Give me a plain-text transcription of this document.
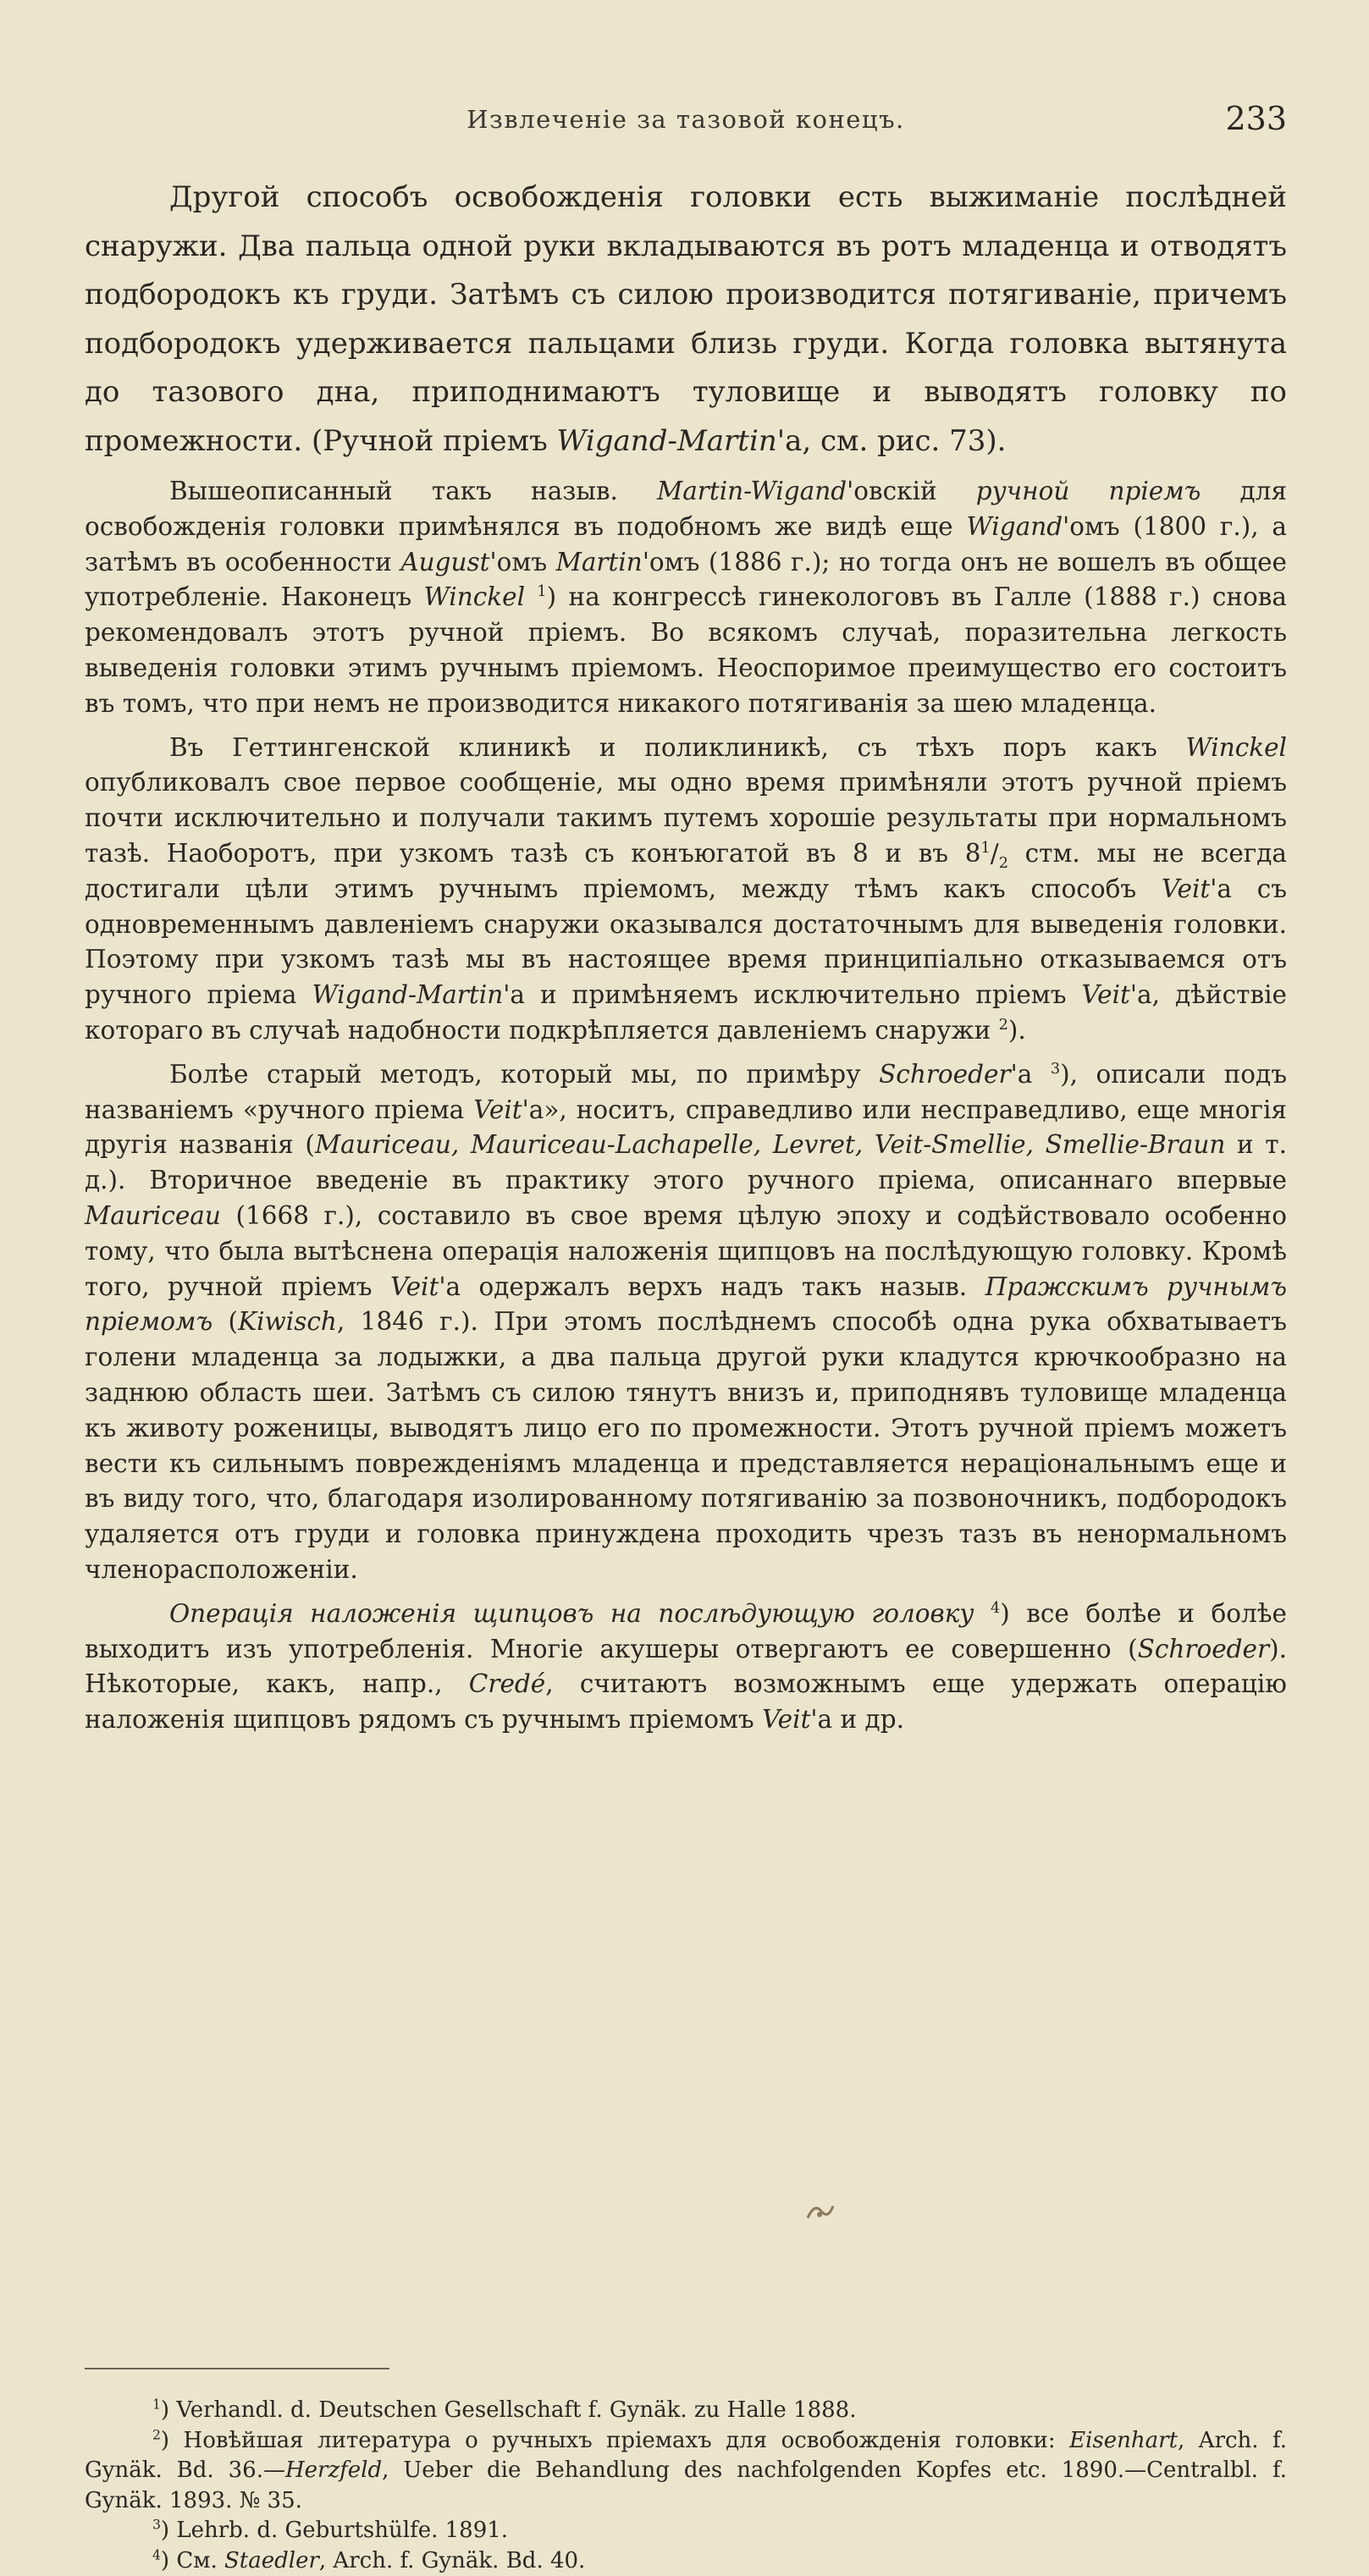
Извлеченіе за тазовой конецъ.	233

Другой способъ освобожденія головки есть выжиманіе послѣдней снаружи. Два пальца одной руки вкладываются въ ротъ младенца и отводятъ подбородокъ къ груди. Затѣмъ съ силою производится потягиваніе, причемъ подбородокъ удерживается пальцами близь груди. Когда головка вытянута до тазового дна, приподнимаютъ туловище и выводятъ головку по промежности. (Ручной пріемъ Wigand-Martin'а, см. рис. 73).

Вышеописанный такъ назыв. Martin-Wigand'овскій ручной пріемъ для освобожденія головки примѣнялся въ подобномъ же видѣ еще Wigand'омъ (1800 г.), а затѣмъ въ особенности August'омъ Martin'омъ (1886 г.); но тогда онъ не вошелъ въ общее употребленіе. Наконецъ Winckel $^1$) на конгрессѣ гинекологовъ въ Галле (1888 г.) снова рекомендовалъ этотъ ручной пріемъ. Во всякомъ случаѣ, поразительна легкость выведенія головки этимъ ручнымъ пріемомъ. Неоспоримое преимущество его состоитъ въ томъ, что при немъ не производится никакого потягиванія за шею младенца.

Въ Геттингенской клиникѣ и поликлиникѣ, съ тѣхъ поръ какъ Winckel опубликовалъ свое первое сообщеніе, мы одно время примѣняли этотъ ручной пріемъ почти исключительно и получали такимъ путемъ хорошіе результаты при нормальномъ тазѣ. Наоборотъ, при узкомъ тазѣ съ конъюгатой въ 8 и въ $8^1/_2$ стм. мы не всегда достигали цѣли этимъ ручнымъ пріемомъ, между тѣмъ какъ способъ Veit'а съ одновременнымъ давленіемъ снаружи оказывался достаточнымъ для выведенія головки. Поэтому при узкомъ тазѣ мы въ настоящее время принципіально отказываемся отъ ручного пріема Wigand-Martin'а и примѣняемъ исключительно пріемъ Veit'а, дѣйствіе котораго въ случаѣ надобности подкрѣпляется давленіемъ снаружи $^2$).

Болѣе старый методъ, который мы, по примѣру Schroeder'а $^3$), описали подъ названіемъ «ручного пріема Veit'а», носитъ, справедливо или несправедливо, еще многія другія названія (Mauriceau, Mauriceau-Lachapelle, Levret, Veit-Smellie, Smellie-Braun и т. д.). Вторичное введеніе въ практику этого ручного пріема, описаннаго впервые Mauriceau (1668 г.), составило въ свое время цѣлую эпоху и содѣйствовало особенно тому, что была вытѣснена операція наложенія щипцовъ на послѣдующую головку. Кромѣ того, ручной пріемъ Veit'а одержалъ верхъ надъ такъ назыв. Пражскимъ ручнымъ пріемомъ (Kiwisch, 1846 г.). При этомъ послѣднемъ способѣ одна рука обхватываетъ голени младенца за лодыжки, а два пальца другой руки кладутся крючкообразно на заднюю область шеи. Затѣмъ съ силою тянутъ внизъ и, приподнявъ туловище младенца къ животу роженицы, выводятъ лицо его по промежности. Этотъ ручной пріемъ можетъ вести къ сильнымъ поврежденіямъ младенца и представляется нераціональнымъ еще и въ виду того, что, благодаря изолированному потягиванію за позвоночникъ, подбородокъ удаляется отъ груди и головка принуждена проходить чрезъ тазъ въ ненормальномъ членорасположеніи.

Операція наложенія щипцовъ на послѣдующую головку $^4$) все болѣе и болѣе выходитъ изъ употребленія. Многіе акушеры отвергаютъ ее совершенно (Schroeder). Нѣкоторые, какъ, напр., Credé, считаютъ возможнымъ еще удержать операцію наложенія щипцовъ рядомъ съ ручнымъ пріемомъ Veit'а и др.

$^1$) Verhandl. d. Deutschen Gesellschaft f. Gynäk. zu Halle 1888.

$^2$) Новѣйшая литература о ручныхъ пріемахъ для освобожденія головки: Eisenhart, Arch. f. Gynäk. Bd. 36.—Herzfeld, Ueber die Behandlung des nachfolgenden Kopfes etc. 1890.—Centralbl. f. Gynäk. 1893. № 35.

$^3$) Lehrb. d. Geburtshülfe. 1891.

$^4$) См. Staedler, Arch. f. Gynäk. Bd. 40.
